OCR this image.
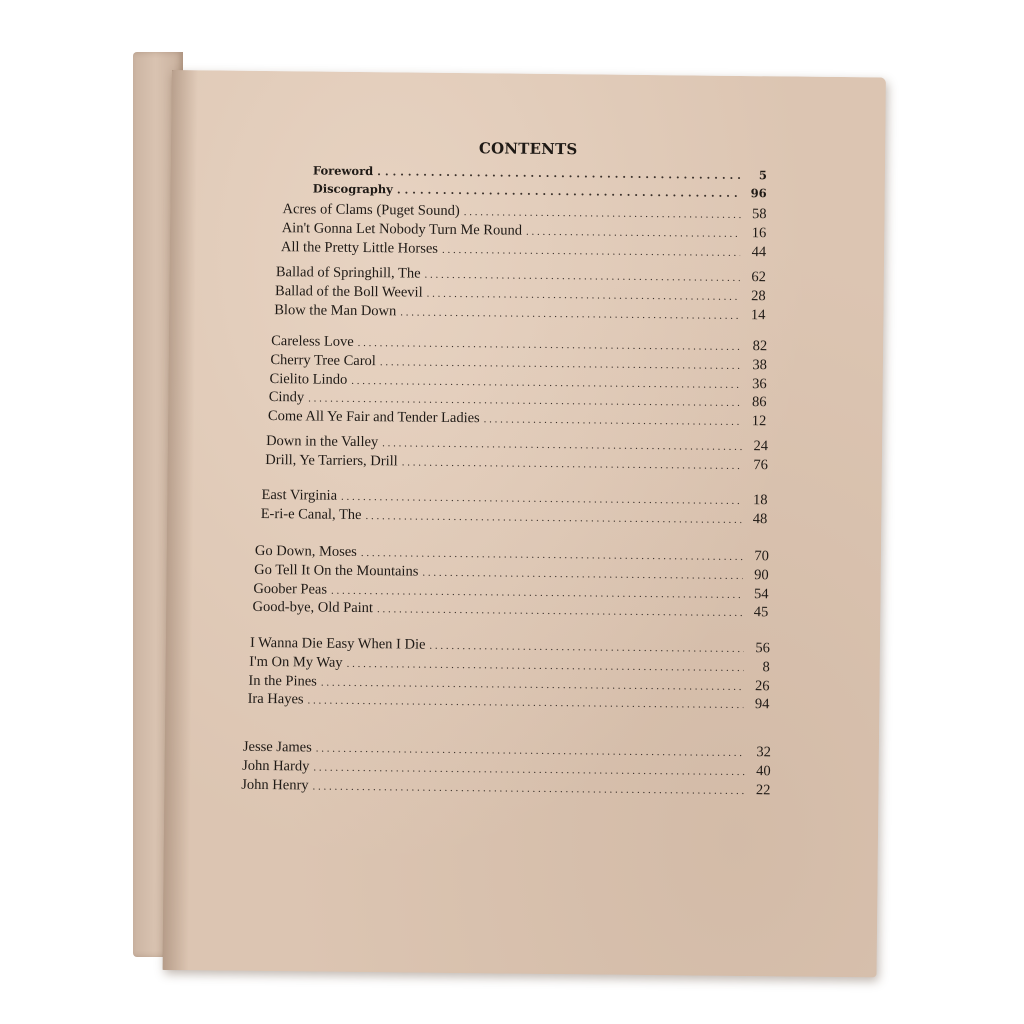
CONTENTS
Foreword . . .	5
Discography . . .	96
Acres of Clams (Puget Sound) . . .	58
Ain't Gonna Let Nobody Turn Me Round . . .	16
All the Pretty Little Horses . . .	44
Ballad of Springhill, The . . .	62
Ballad of the Boll Weevil . . .	28
Blow the Man Down . . .	14
Careless Love . . .	82
Cherry Tree Carol . . .	38
Cielito Lindo . . .	36
Cindy . . .	86
Come All Ye Fair and Tender Ladies . . .	12
Down in the Valley . . .	24
Drill, Ye Tarriers, Drill . . .	76
East Virginia . . .	18
E-ri-e Canal, The . . .	48
Go Down, Moses . . .	70
Go Tell It On the Mountains . . .	90
Goober Peas . . .	54
Good-bye, Old Paint . . .	45
I Wanna Die Easy When I Die . . .	56
I'm On My Way . . .	8
In the Pines . . .	26
Ira Hayes . . .	94
Jesse James . . .	32
John Hardy . . .	40
John Henry . . .	22
